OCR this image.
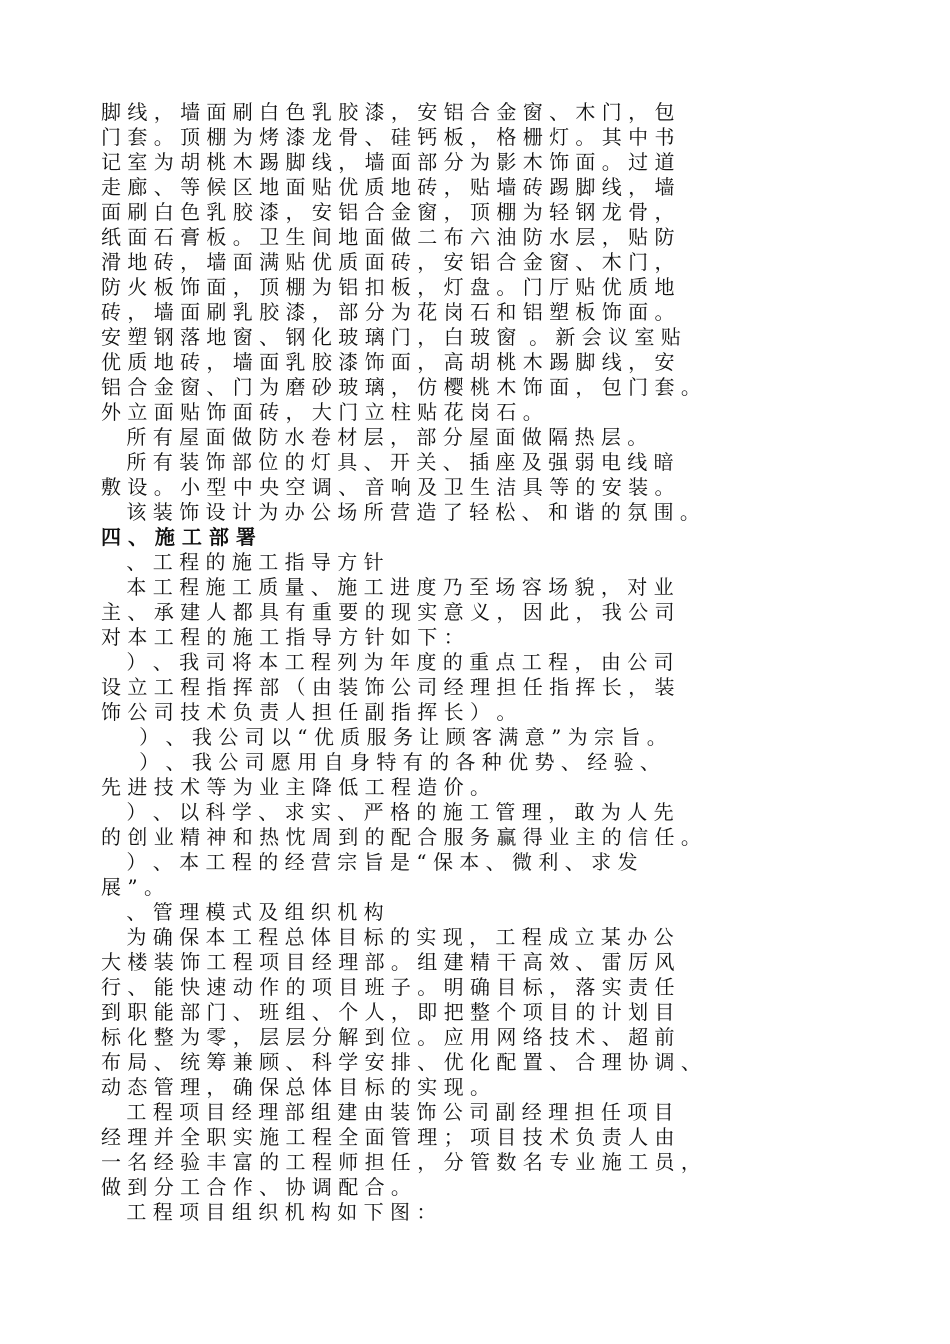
脚 线 ， 墙 面 刷 白 色 乳 胶 漆 ， 安 铝 合 金 窗 、 木 门 ， 包
门 套 。 顶 棚 为 烤 漆 龙 骨 、 硅 钙 板 ， 格 栅 灯 。 其 中 书
记 室 为 胡 桃 木 踢 脚 线 ， 墙 面 部 分 为 影 木 饰 面 。 过 道
走 廊 、 等 候 区 地 面 贴 优 质 地 砖 ， 贴 墙 砖 踢 脚 线 ， 墙
面 刷 白 色 乳 胶 漆 ， 安 铝 合 金 窗 ， 顶 棚 为 轻 钢 龙 骨 ，
纸 面 石 膏 板 。 卫 生 间 地 面 做 二 布 六 油 防 水 层 ， 贴 防
滑 地 砖 ， 墙 面 满 贴 优 质 面 砖 ， 安 铝 合 金 窗 、 木 门 ，
防 火 板 饰 面 ， 顶 棚 为 铝 扣 板 ， 灯 盘 。 门 厅 贴 优 质 地
砖 ， 墙 面 刷 乳 胶 漆 ， 部 分 为 花 岗 石 和 铝 塑 板 饰 面 。
安 塑 钢 落 地 窗 、 钢 化 玻 璃 门 ， 白 玻 窗  。 新 会 议 室 贴
优 质 地 砖 ， 墙 面 乳 胶 漆 饰 面 ， 高 胡 桃 木 踢 脚 线 ， 安
铝 合 金 窗 、 门 为 磨 砂 玻 璃 ， 仿 樱 桃 木 饰 面 ， 包 门 套 。
外 立 面 贴 饰 面 砖 ， 大 门 立 柱 贴 花 岗 石 。
所 有 屋 面 做 防 水 卷 材 层 ， 部 分 屋 面 做 隔 热 层 。
所 有 装 饰 部 位 的 灯 具 、 开 关 、 插 座 及 强 弱 电 线 暗
敷 设 。 小 型 中 央 空 调 、 音 响 及 卫 生 洁 具 等 的 安 装 。
该 装 饰 设 计 为 办 公 场 所 营 造 了 轻 松 、 和 谐 的 氛 围 。
四 、 施 工 部 署
、 工 程 的 施 工 指 导 方 针
本 工 程 施 工 质 量 、 施 工 进 度 乃 至 场 容 场 貌 ， 对 业
主 、 承 建 人 都 具 有 重 要 的 现 实 意 义 ， 因 此 ， 我 公 司
对 本 工 程 的 施 工 指 导 方 针 如 下 ：
） 、 我 司 将 本 工 程 列 为 年 度 的 重 点 工 程 ， 由 公 司
设 立 工 程 指 挥 部 （ 由 装 饰 公 司 经 理 担 任 指 挥 长 ， 装
饰 公 司 技 术 负 责 人 担 任 副 指 挥 长 ） 。
） 、 我 公 司 以 “ 优 质 服 务 让 顾 客 满 意 ” 为 宗 旨 。
） 、 我 公 司 愿 用 自 身 特 有 的 各 种 优 势 、 经 验 、
先 进 技 术 等 为 业 主 降 低 工 程 造 价 。
） 、 以 科 学 、 求 实 、 严 格 的 施 工 管 理 ， 敢 为 人 先
的 创 业 精 神 和 热 忱 周 到 的 配 合 服 务 赢 得 业 主 的 信 任 。
） 、 本 工 程 的 经 营 宗 旨 是 “ 保 本 、 微 利 、 求 发
展 ” 。
、 管 理 模 式 及 组 织 机 构
为 确 保 本 工 程 总 体 目 标 的 实 现 ， 工 程 成 立 某 办 公
大 楼 装 饰 工 程 项 目 经 理 部 。 组 建 精 干 高 效 、 雷 厉 风
行 、 能 快 速 动 作 的 项 目 班 子 。 明 确 目 标 ， 落 实 责 任
到 职 能 部 门 、 班 组 、 个 人 ， 即 把 整 个 项 目 的 计 划 目
标 化 整 为 零 ， 层 层 分 解 到 位 。 应 用 网 络 技 术 、 超 前
布 局 、 统 筹 兼 顾 、 科 学 安 排 、 优 化 配 置 、 合 理 协 调 、
动 态 管 理 ， 确 保 总 体 目 标 的 实 现 。
工 程 项 目 经 理 部 组 建 由 装 饰 公 司 副 经 理 担 任 项 目
经 理 并 全 职 实 施 工 程 全 面 管 理 ； 项 目 技 术 负 责 人 由
一 名 经 验 丰 富 的 工 程 师 担 任 ， 分 管 数 名 专 业 施 工 员 ，
做 到 分 工 合 作 、 协 调 配 合 。
工 程 项 目 组 织 机 构 如 下 图 ：
